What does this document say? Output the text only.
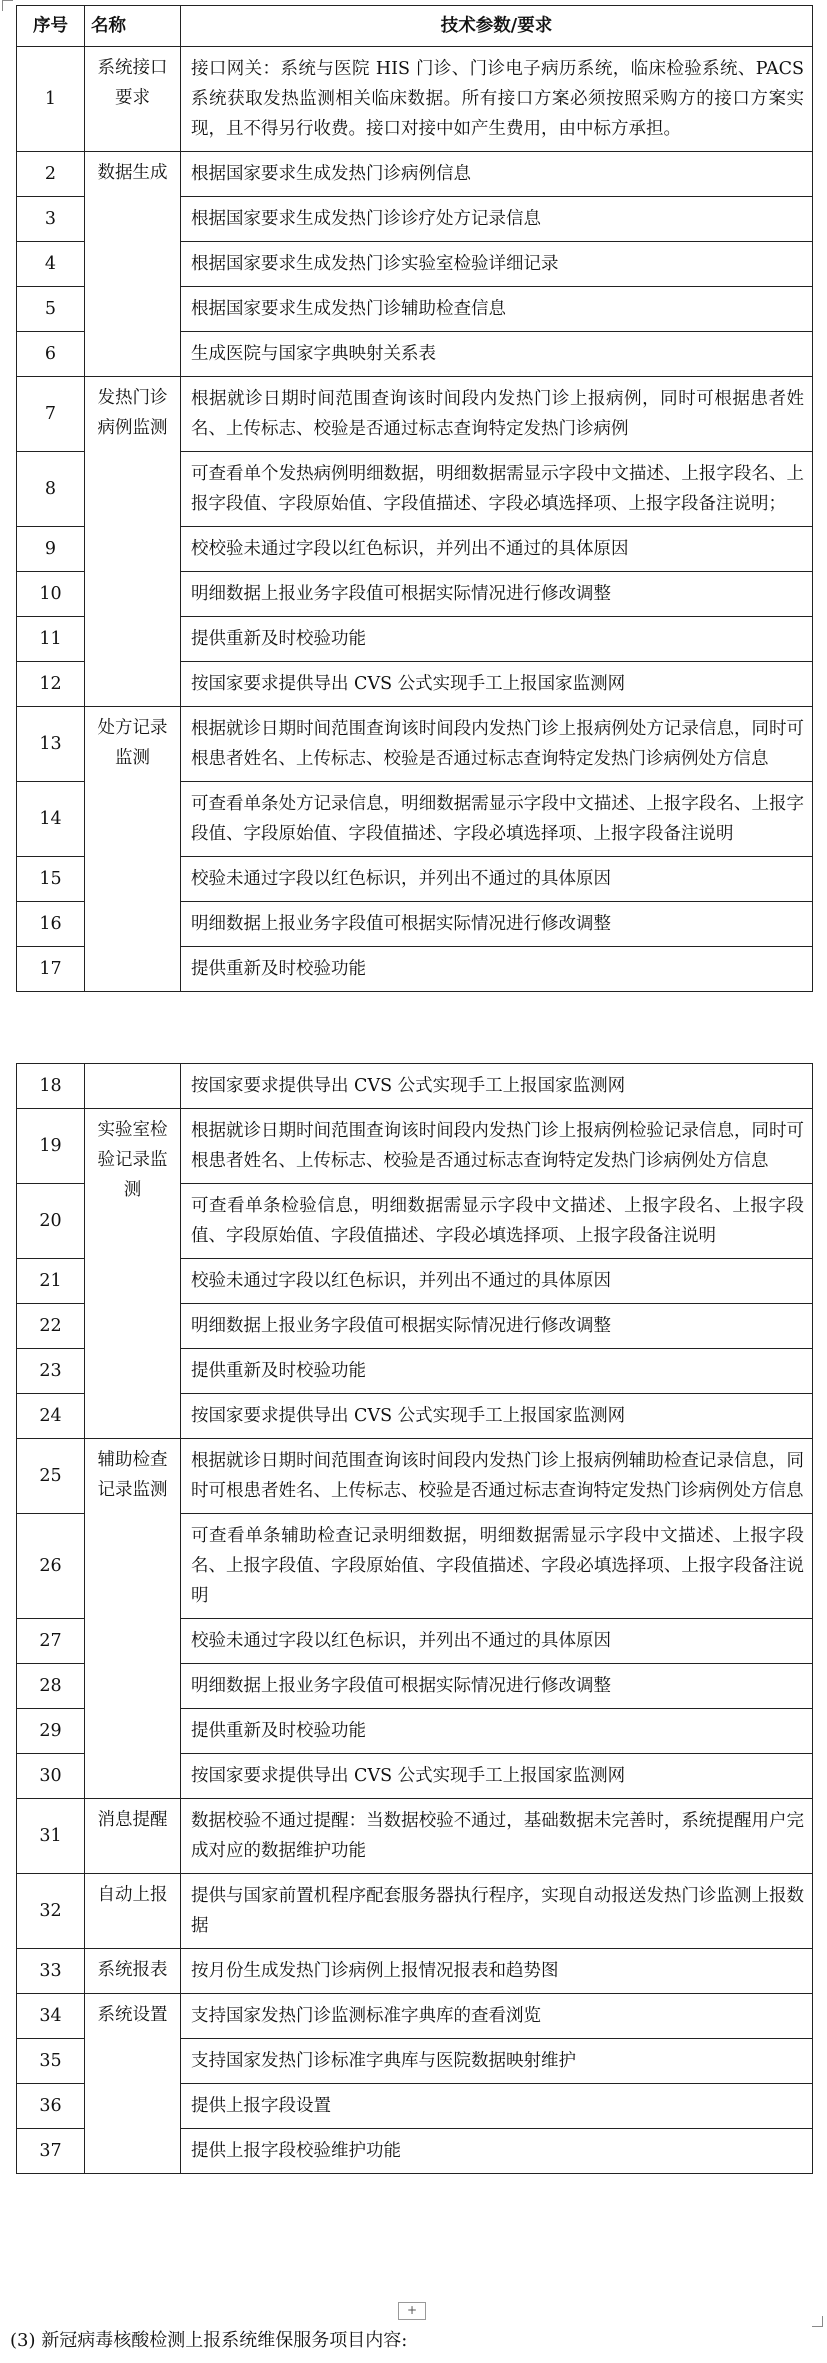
序号	名称	技术参数/要求
1	系统接口要求	接口网关：系统与医院 HIS 门诊、门诊电子病历系统，临床检验系统、PACS 系统获取发热监测相关临床数据。所有接口方案必须按照采购方的接口方案实现，且不得另行收费。接口对接中如产生费用，由中标方承担。

2	数据生成	根据国家要求生成发热门诊病例信息

3		根据国家要求生成发热门诊诊疗处方记录信息

4		根据国家要求生成发热门诊实验室检验详细记录

5		根据国家要求生成发热门诊辅助检查信息

6		生成医院与国家字典映射关系表

7	发热门诊病例监测	根据就诊日期时间范围查询该时间段内发热门诊上报病例，同时可根据患者姓名、上传标志、校验是否通过标志查询特定发热门诊病例

8		可查看单个发热病例明细数据，明细数据需显示字段中文描述、上报字段名、上报字段值、字段原始值、字段值描述、字段必填选择项、上报字段备注说明；

9		校校验未通过字段以红色标识，并列出不通过的具体原因

10		明细数据上报业务字段值可根据实际情况进行修改调整

11		提供重新及时校验功能

12		按国家要求提供导出 CVS 公式实现手工上报国家监测网

13	处方记录监测	根据就诊日期时间范围查询该时间段内发热门诊上报病例处方记录信息，同时可根患者姓名、上传标志、校验是否通过标志查询特定发热门诊病例处方信息

14		可查看单条处方记录信息，明细数据需显示字段中文描述、上报字段名、上报字段值、字段原始值、字段值描述、字段必填选择项、上报字段备注说明

15		校验未通过字段以红色标识，并列出不通过的具体原因

16		明细数据上报业务字段值可根据实际情况进行修改调整

17		提供重新及时校验功能
18		按国家要求提供导出 CVS 公式实现手工上报国家监测网

19	实验室检验记录监测	根据就诊日期时间范围查询该时间段内发热门诊上报病例检验记录信息，同时可根患者姓名、上传标志、校验是否通过标志查询特定发热门诊病例处方信息

20		可查看单条检验信息，明细数据需显示字段中文描述、上报字段名、上报字段值、字段原始值、字段值描述、字段必填选择项、上报字段备注说明

21		校验未通过字段以红色标识，并列出不通过的具体原因

22		明细数据上报业务字段值可根据实际情况进行修改调整

23		提供重新及时校验功能

24		按国家要求提供导出 CVS 公式实现手工上报国家监测网

25	辅助检查记录监测	根据就诊日期时间范围查询该时间段内发热门诊上报病例辅助检查记录信息，同时可根患者姓名、上传标志、校验是否通过标志查询特定发热门诊病例处方信息

26		可查看单条辅助检查记录明细数据，明细数据需显示字段中文描述、上报字段名、上报字段值、字段原始值、字段值描述、字段必填选择项、上报字段备注说明

27		校验未通过字段以红色标识，并列出不通过的具体原因

28		明细数据上报业务字段值可根据实际情况进行修改调整

29		提供重新及时校验功能

30		按国家要求提供导出 CVS 公式实现手工上报国家监测网

31	消息提醒	数据校验不通过提醒：当数据校验不通过，基础数据未完善时，系统提醒用户完成对应的数据维护功能

32	自动上报	提供与国家前置机程序配套服务器执行程序，实现自动报送发热门诊监测上报数据

33	系统报表	按月份生成发热门诊病例上报情况报表和趋势图

34	系统设置	支持国家发热门诊监测标准字典库的查看浏览

35		支持国家发热门诊标准字典库与医院数据映射维护

36		提供上报字段设置

37		提供上报字段校验维护功能
+
(3) 新冠病毒核酸检测上报系统维保服务项目内容:
